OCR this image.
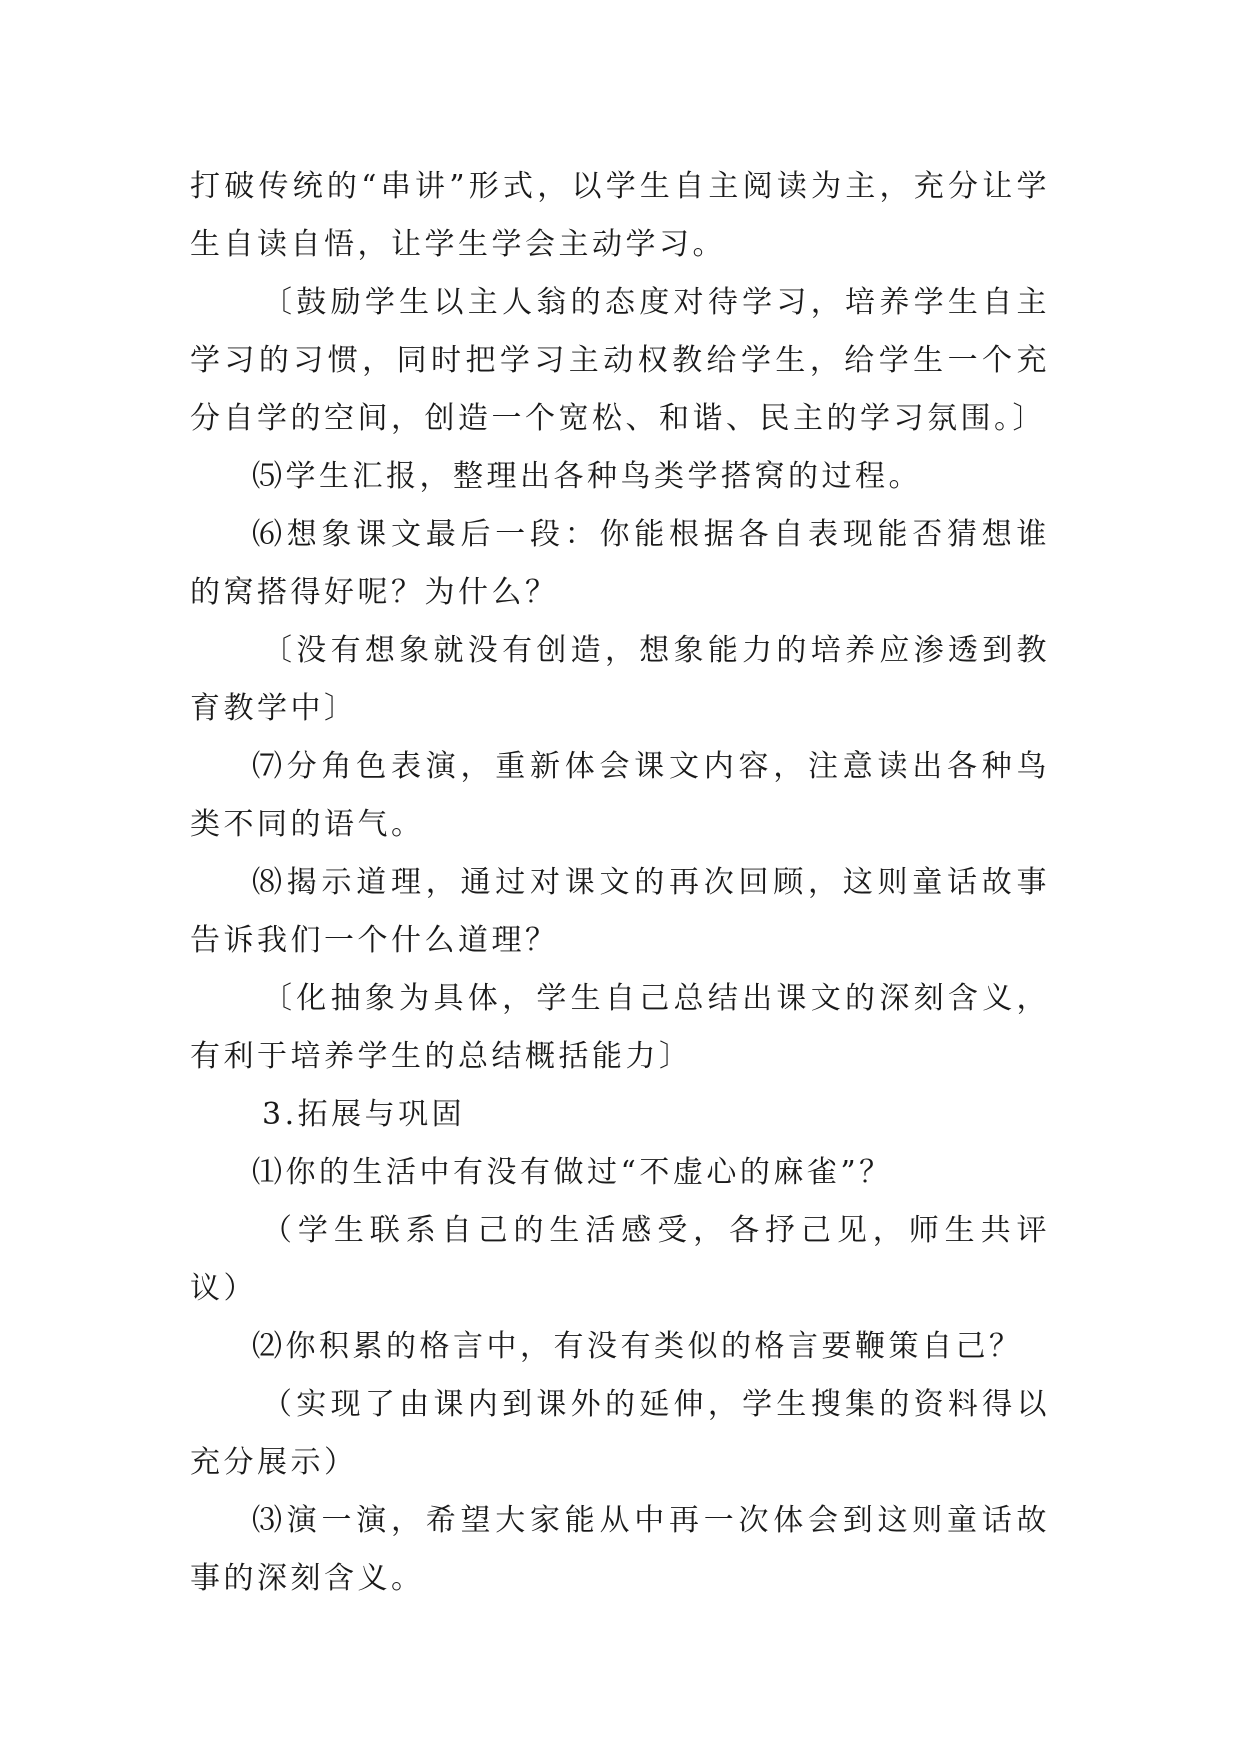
打破传统的“串讲”形式，以学生自主阅读为主，充分让学生自读自悟，让学生学会主动学习。

〔鼓励学生以主人翁的态度对待学习，培养学生自主学习的习惯，同时把学习主动权教给学生，给学生一个充分自学的空间，创造一个宽松、和谐、民主的学习氛围。〕

⑸学生汇报，整理出各种鸟类学搭窝的过程。

⑹想象课文最后一段：你能根据各自表现能否猜想谁的窝搭得好呢？为什么？

〔没有想象就没有创造，想象能力的培养应渗透到教育教学中〕

⑺分角色表演，重新体会课文内容，注意读出各种鸟类不同的语气。

⑻揭示道理，通过对课文的再次回顾，这则童话故事告诉我们一个什么道理？

〔化抽象为具体，学生自己总结出课文的深刻含义，有利于培养学生的总结概括能力〕

3.拓展与巩固

⑴你的生活中有没有做过“不虚心的麻雀”？

（学生联系自己的生活感受，各抒己见，师生共评议）

⑵你积累的格言中，有没有类似的格言要鞭策自己？

（实现了由课内到课外的延伸，学生搜集的资料得以充分展示）

⑶演一演，希望大家能从中再一次体会到这则童话故事的深刻含义。
